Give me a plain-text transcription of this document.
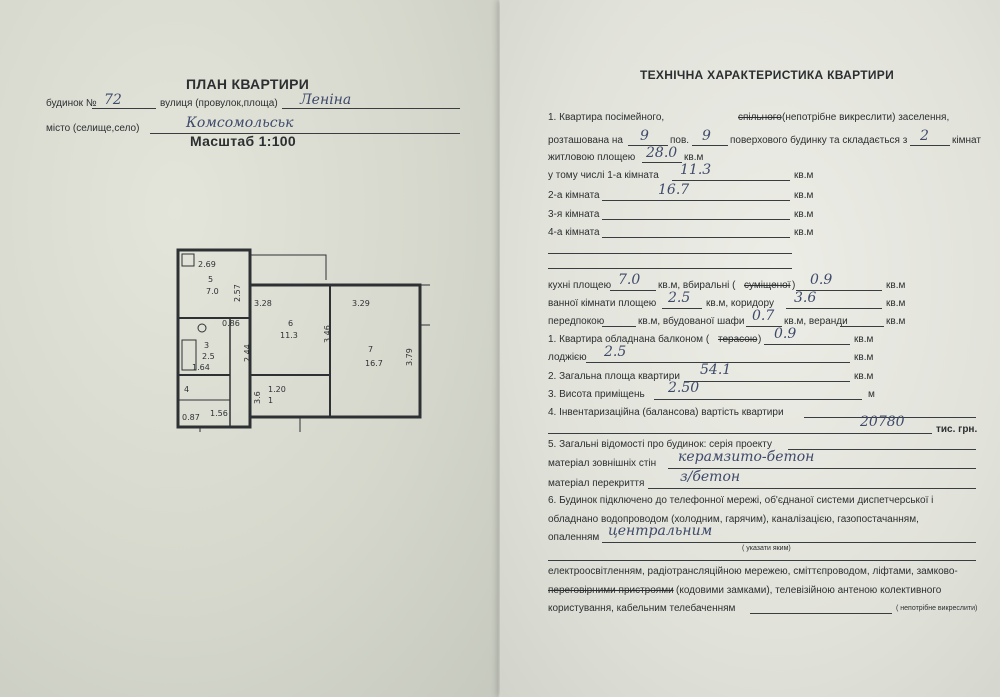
ПЛАН КВАРТИРИ
будинок № 72	вулиця (провулок,площа) Леніна
місто (селище,село)	Комсомольськ
Масштаб 1:100
2.69
2.57
5
7.0
3.28	3.29
6
11.3	3.46
7
16.7	3.79
0.86
3
2.5
1.64
2.44
4
0.87 1.56
1.20
1
3.6
ТЕХНІЧНА ХАРАКТЕРИСТИКА КВАРТИРИ
1. Квартира посімейного,	спільного (непотрібне викреслити) заселення,
розташована на 9 пов. 9 поверхового будинку та складається з 2 кімнат
житловою площею 28.0 кв.м
у тому числі 1-а кімната 11.3	кв.м
2-а кімната	16.7	кв.м
3-я кімната	кв.м
4-а кімната	кв.м
кухні площею 7.0 кв.м, вбиральні ( суміщеної ) 0.9	кв.м
ванної кімнати площею 2.5 кв.м, коридору 3.6	кв.м
передпокою	кв.м, вбудованої шафи 0.7 кв.м, веранди	кв.м
1. Квартира обладнана балконом ( терасою ) 0.9	кв.м
лоджією 2.5	кв.м
2. Загальна площа квартири 54.1	кв.м
3. Висота приміщень 2.50	м
4. Інвентаризаційна (балансова) вартість квартири
20780	тис. грн.
5. Загальні відомості про будинок: серія проекту
матеріал зовнішніх стін керамзито-бетон
матеріал перекриття	з/бетон
6. Будинок підключено до телефонної мережі, об'єднаної системи диспетчерської і
обладнано водопроводом (холодним, гарячим), каналізацією, газопостачанням,
опаленням центральним
( указати яким)
електроосвітленням, радіотрансляційною мережею, сміттєпроводом, ліфтами, замково-
переговірними пристроями (кодовими замками), телевізійною антеною колективного
користування, кабельним телебаченням	( непотрібне викреслити)
